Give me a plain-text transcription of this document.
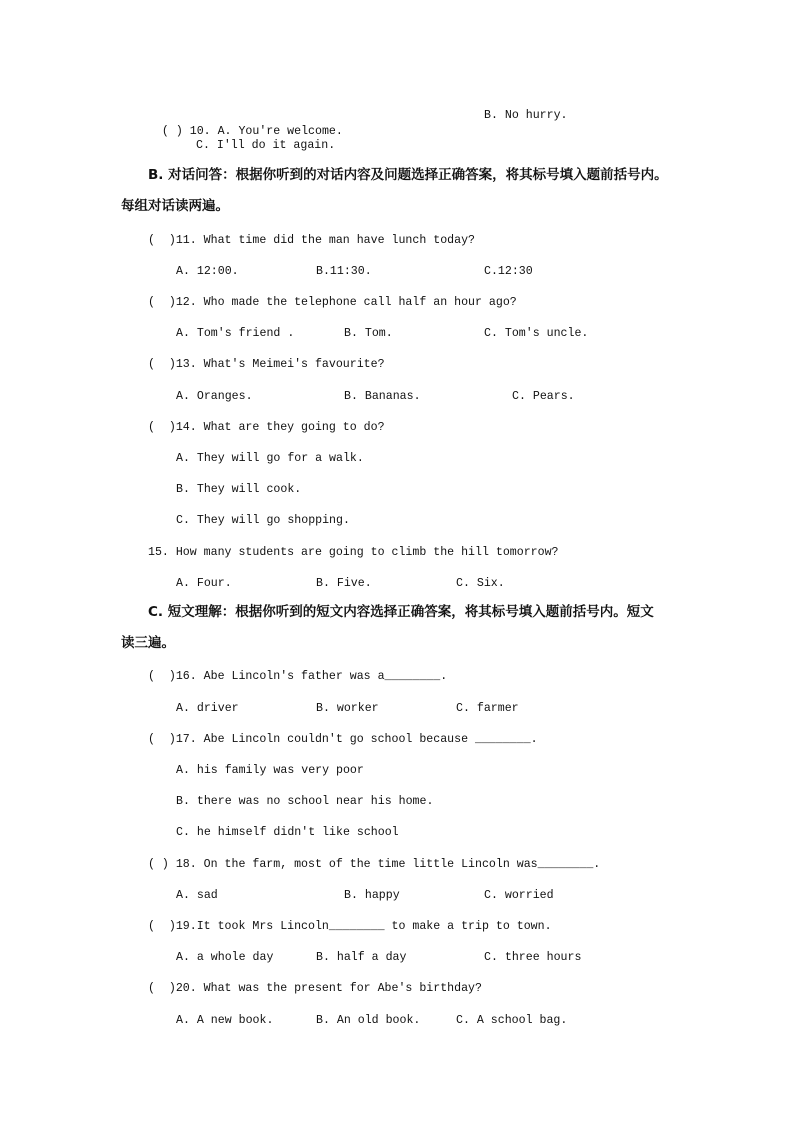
( ) 10. A. You're welcome.

B. No hurry.
C. I'll do it again.
B. 对话问答：根据你听到的对话内容及问题选择正确答案，将其标号填入题前括号内。
每组对话读两遍。
(  )11. What time did the man have lunch today?
A. 12:00.	B.11:30.	C.12:30
(  )12. Who made the telephone call half an hour ago?
A. Tom's friend .	B. Tom.	C. Tom's uncle.
(  )13. What's Meimei's favourite?
A. Oranges.	B. Bananas.	C. Pears.
(  )14. What are they going to do?
A. They will go for a walk.
B. They will cook.
C. They will go shopping.
15. How many students are going to climb the hill tomorrow?
A. Four.	B. Five.	C. Six.
C. 短文理解：根据你听到的短文内容选择正确答案，将其标号填入题前括号内。短文
读三遍。
(  )16. Abe Lincoln's father was a________.
A. driver	B. worker	C. farmer
(  )17. Abe Lincoln couldn't go school because ________.
A. his family was very poor
B. there was no school near his home.
C. he himself didn't like school
( ) 18. On the farm, most of the time little Lincoln was________.
A. sad	B. happy	C. worried
(  )19.It took Mrs Lincoln________ to make a trip to town.
A. a whole day	B. half a day	C. three hours
(  )20. What was the present for Abe's birthday?
A. A new book.	B. An old book.	C. A school bag.
